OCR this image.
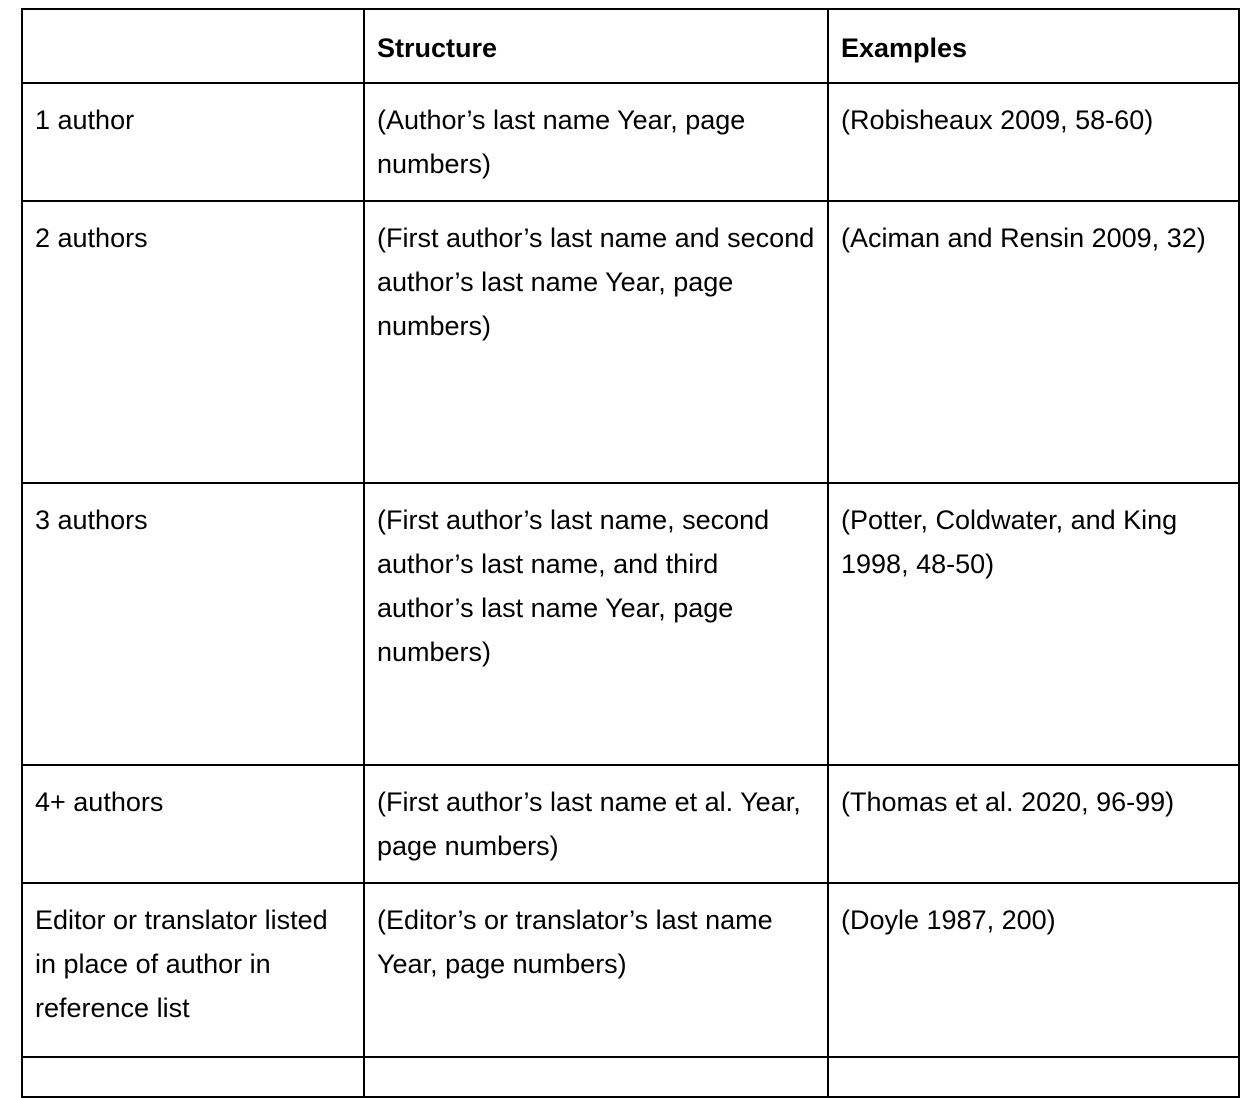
	Structure	Examples
1 author	(Author’s last name Year, page numbers)	(Robisheaux 2009, 58-60)
2 authors	(First author’s last name and second author’s last name Year, page numbers)	(Aciman and Rensin 2009, 32)
3 authors	(First author’s last name, second author’s last name, and third author’s last name Year, page numbers)	(Potter, Coldwater, and King 1998, 48-50)
4+ authors	(First author’s last name et al. Year, page numbers)	(Thomas et al. 2020, 96-99)
Editor or translator listed in place of author in reference list	(Editor’s or translator’s last name Year, page numbers)	(Doyle 1987, 200)
